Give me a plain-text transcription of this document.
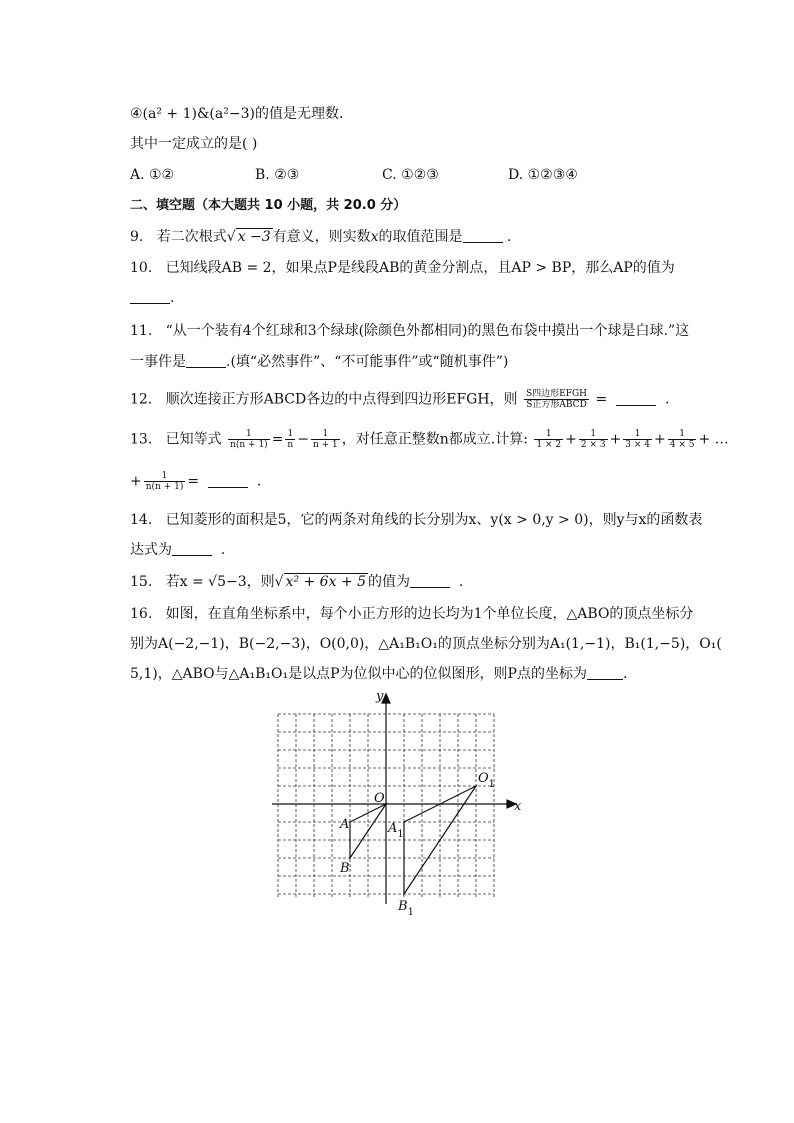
④(a² + 1)&(a²−3)的值是无理数.
其中一定成立的是( )
A. ①②	B. ②③	C. ①②③	D. ①②③④
二、填空题（本大题共 10 小题，共 20.0 分）
9. 若二次根式√ x −3 有意义，则实数x的取值范围是	.
10. 已知线段AB = 2，如果点P是线段AB的黄金分割点，且AP > BP，那么AP的值为
.
11. “从一个装有4个红球和3个绿球(除颜色外都相同)的黑色布袋中摸出一个球是白球.”这
一事件是	.(填“必然事件”、“不可能事件”或“随机事件”)
12. 顺次连接正方形ABCD各边的中点得到四边形EFGH，则 $\frac{\text{S四边形EFGH}}{\text{S正方形ABCD}}$ =	.
13. 已知等式 $\frac{1}{n(n + 1)} = \frac{1}{n} - \frac{1}{n + 1}$ ，对任意正整数n都成立.计算: $\frac{1}{1 \times 2} + \frac{1}{2 \times 3} + \frac{1}{3 \times 4} + \frac{1}{4 \times 5}$ + …
+ $\frac{1}{n(n + 1)}$ =	.
14. 已知菱形的面积是5，它的两条对角线的长分别为x、y(x > 0,y > 0)，则y与x的函数表
达式为	.
15. 若x = √5−3，则√ x² + 6x + 5 的值为	.
16. 如图，在直角坐标系中，每个小正方形的边长均为1个单位长度，△ABO的顶点坐标分
别为A(−2,−1)，B(−2,−3)，O(0,0)，△A₁B₁O₁的顶点坐标分别为A₁(1,−1)，B₁(1,−5)，O₁(
5,1)，△ABO与△A₁B₁O₁是以点P为位似中心的位似图形，则P点的坐标为	.
x
y
O
A
B
$A_1$
$O_1$
$B_1$
